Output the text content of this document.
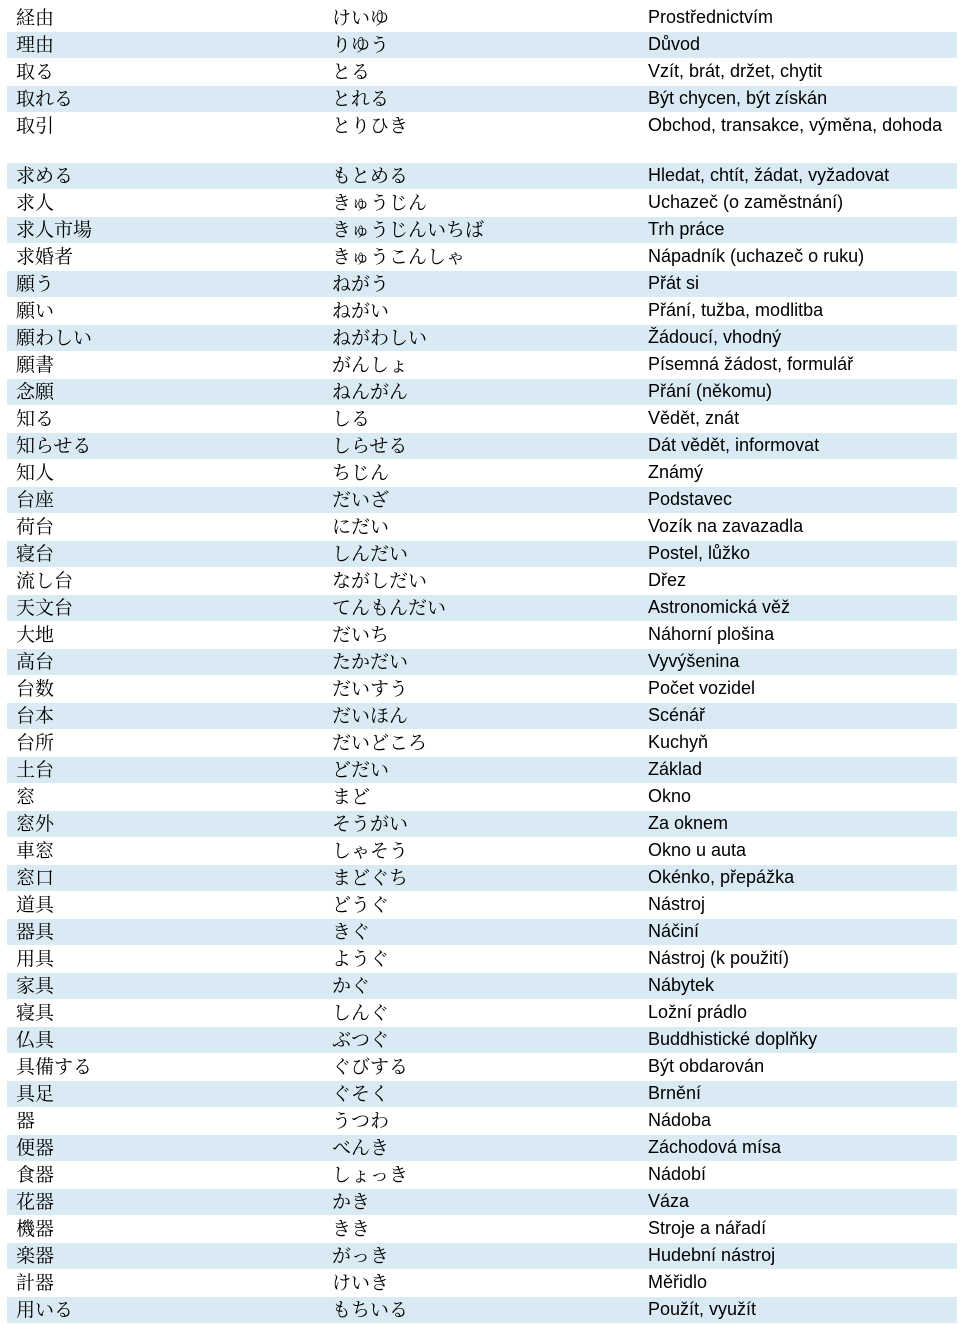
経由	けいゆ	Prostřednictvím
理由	りゆう	Důvod
取る	とる	Vzít, brát, držet, chytit
取れる	とれる	Být chycen, být získán
取引	とりひき	Obchod, transakce, výměna, dohoda
求める	もとめる	Hledat, chtít, žádat, vyžadovat
求人	きゅうじん	Uchazeč (o zaměstnání)
求人市場	きゅうじんいちば	Trh práce
求婚者	きゅうこんしゃ	Nápadník (uchazeč o ruku)
願う	ねがう	Přát si
願い	ねがい	Přání, tužba, modlitba
願わしい	ねがわしい	Žádoucí, vhodný
願書	がんしょ	Písemná žádost, formulář
念願	ねんがん	Přání (někomu)
知る	しる	Vědět, znát
知らせる	しらせる	Dát vědět, informovat
知人	ちじん	Známý
台座	だいざ	Podstavec
荷台	にだい	Vozík na zavazadla
寝台	しんだい	Postel, lůžko
流し台	ながしだい	Dřez
天文台	てんもんだい	Astronomická věž
大地	だいち	Náhorní plošina
高台	たかだい	Vyvýšenina
台数	だいすう	Počet vozidel
台本	だいほん	Scénář
台所	だいどころ	Kuchyň
土台	どだい	Základ
窓	まど	Okno
窓外	そうがい	Za oknem
車窓	しゃそう	Okno u auta
窓口	まどぐち	Okénko, přepážka
道具	どうぐ	Nástroj
器具	きぐ	Náčiní
用具	ようぐ	Nástroj (k použití)
家具	かぐ	Nábytek
寝具	しんぐ	Ložní prádlo
仏具	ぶつぐ	Buddhistické doplňky
具備する	ぐびする	Být obdarován
具足	ぐそく	Brnění
器	うつわ	Nádoba
便器	べんき	Záchodová mísa
食器	しょっき	Nádobí
花器	かき	Váza
機器	きき	Stroje a nářadí
楽器	がっき	Hudební nástroj
計器	けいき	Měřidlo
用いる	もちいる	Použít, využít
